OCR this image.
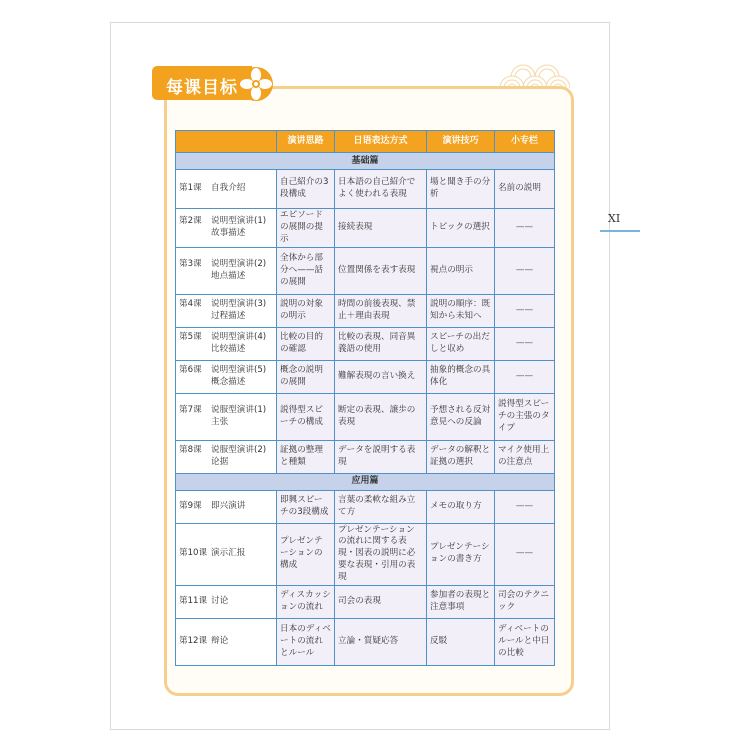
XI
每课目标
	演讲思路	日语表达方式	演讲技巧	小专栏
基础篇				

第1课 自我介绍	自己紹介の3段構成	日本語の自己紹介でよく使われる表現	場と聞き手の分析	名前の説明

第2课 说明型演讲(1) 故事描述	エピソードの展開の提示	接続表現	トピックの選択	——

第3课 说明型演讲(2) 地点描述	全体から部分へ——話の展開	位置関係を表す表現	視点の明示	——

第4课 说明型演讲(3) 过程描述	説明の対象の明示	時間の前後表現、禁止＋理由表現	説明の順序：既知から未知へ	——

第5课 说明型演讲(4) 比较描述	比較の目的の確認	比較の表現、同音異義語の使用	スピーチの出だしと収め	——

第6课 说明型演讲(5) 概念描述	概念の説明の展開	難解表現の言い換え	抽象的概念の具体化	——

第7课 说服型演讲(1) 主张	説得型スピーチの構成	断定の表現、譲歩の表現	予想される反対意見への反論	説得型スピーチの主張のタイプ

第8课 说服型演讲(2) 论据	証拠の整理と種類	データを説明する表現	データの解釈と証拠の選択	マイク使用上の注意点
应用篇				

第9课 即兴演讲	即興スピーチの3段構成	言葉の柔軟な組み立て方	メモの取り方	——

第10课 演示汇报	プレゼンテーションの構成	プレゼンテーションの流れに関する表現・図表の説明に必要な表現・引用の表現	プレゼンテーションの書き方	——

第11课 讨论	ディスカッションの流れ	司会の表現	参加者の表現と注意事項	司会のテクニック

第12课 辩论	日本のディベートの流れとルール	立論・質疑応答	反駁	ディベートのルールと中日の比較
